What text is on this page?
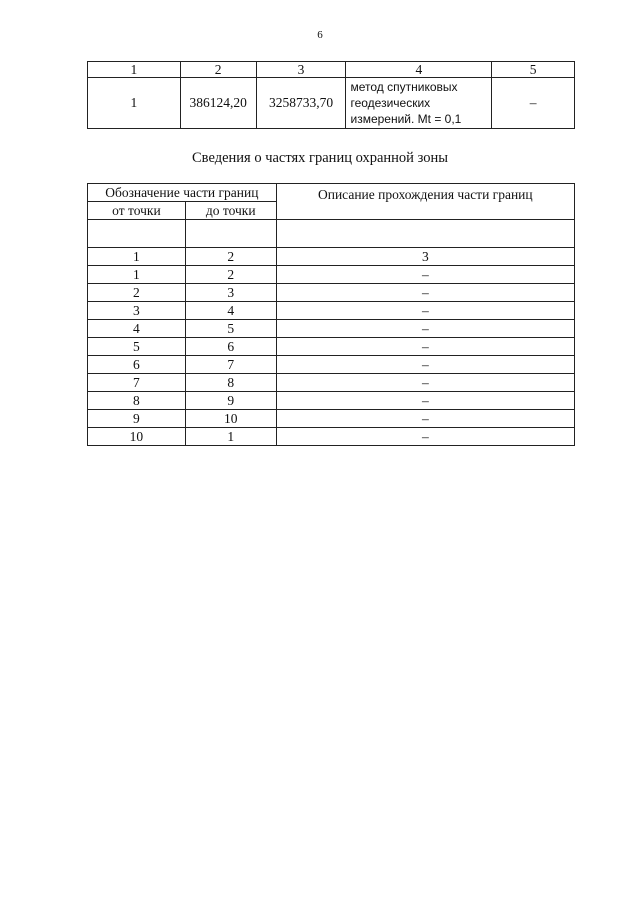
6
1	2	3	4	5
1	386124,20	3258733,70	метод спутниковых
геодезических
измерений. Mt = 0,1	–
Сведения о частях границ охранной зоны
Обозначение части границ		Описание прохождения части границ
от точки	до точки	

1	2	3
1	2	–
2	3	–
3	4	–
4	5	–
5	6	–
6	7	–
7	8	–
8	9	–
9	10	–
10	1	–
